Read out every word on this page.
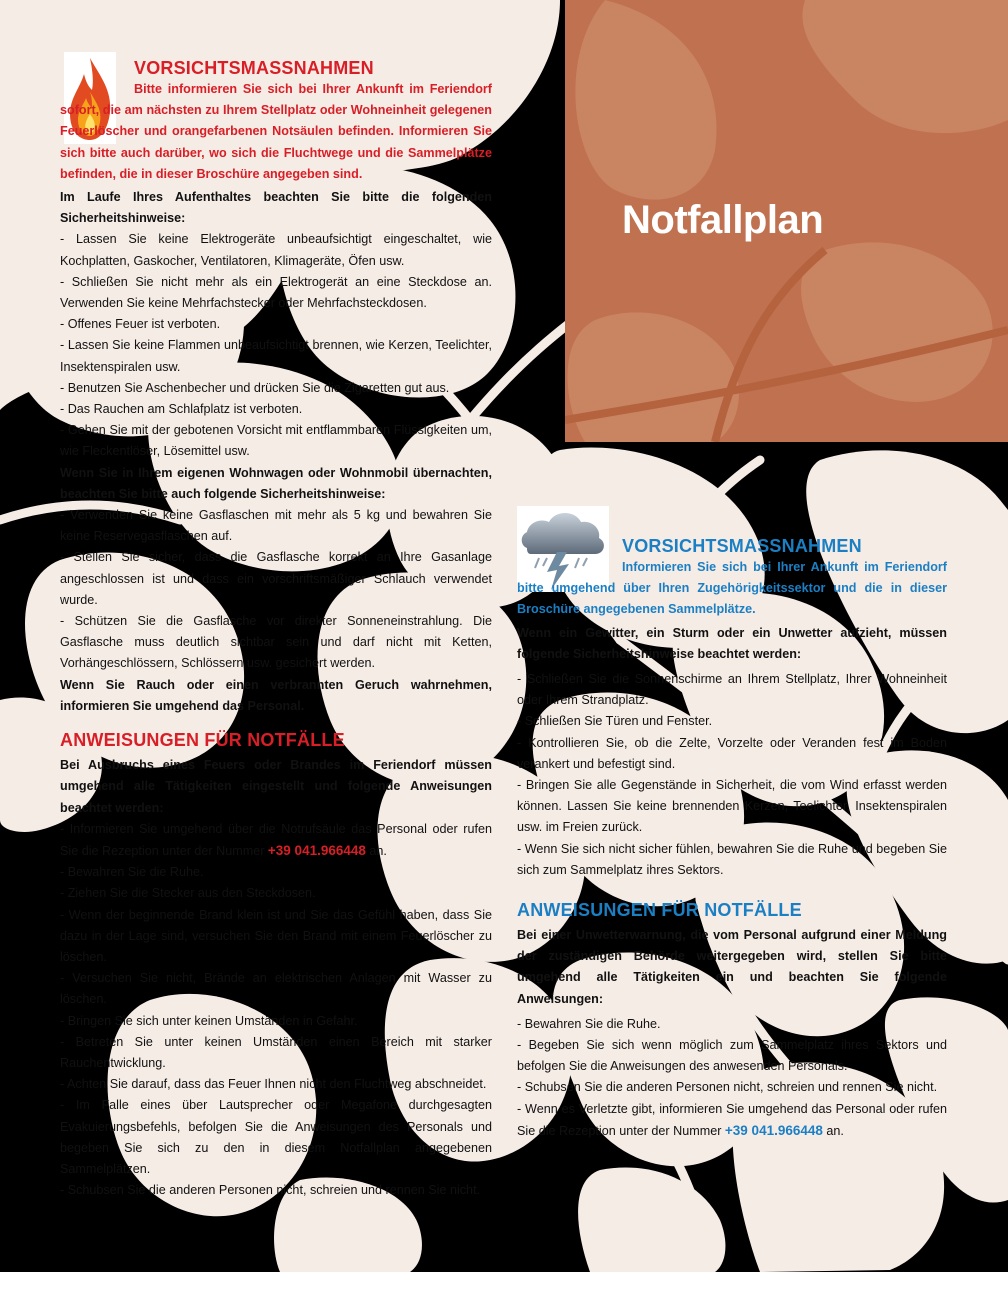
Notfallplan
VORSICHTSMASSNAHMEN

Bitte informieren Sie sich bei Ihrer Ankunft im Feriendorf sofort, die am nächsten zu Ihrem Stellplatz oder Wohneinheit gelegenen Feuerlöscher und orangefarbenen Notsäulen befinden. Informieren Sie sich bitte auch darüber, wo sich die Fluchtwege und die Sammelplätze befinden, die in dieser Broschüre angegeben sind.

Im Laufe Ihres Aufenthaltes beachten Sie bitte die folgenden Sicherheitshinweise:

- Lassen Sie keine Elektrogeräte unbeaufsichtigt eingeschaltet, wie Kochplatten, Gaskocher, Ventilatoren, Klimageräte, Öfen usw.

- Schließen Sie nicht mehr als ein Elektrogerät an eine Steckdose an. Verwenden Sie keine Mehrfachstecker oder Mehrfachsteckdosen.

- Offenes Feuer ist verboten.

- Lassen Sie keine Flammen unbeaufsichtigt brennen, wie Kerzen, Teelichter, Insektenspiralen usw.

- Benutzen Sie Aschenbecher und drücken Sie die Zigaretten gut aus.

- Das Rauchen am Schlafplatz ist verboten.

- Gehen Sie mit der gebotenen Vorsicht mit entflammbaren Flüssigkeiten um, wie Fleckentlöser, Lösemittel usw.

Wenn Sie in Ihrem eigenen Wohnwagen oder Wohnmobil übernachten, beachten Sie bitte auch folgende Sicherheitshinweise:

- Verwenden Sie keine Gasflaschen mit mehr als 5 kg und bewahren Sie keine Reservegasflaschen auf.

- Stellen Sie sicher, dass die Gasflasche korrekt an Ihre Gasanlage angeschlossen ist und dass ein vorschriftsmäßiger Schlauch verwendet wurde.

- Schützen Sie die Gasflasche vor direkter Sonneneinstrahlung. Die Gasflasche muss deutlich sichtbar sein und darf nicht mit Ketten, Vorhängeschlössern, Schlössern usw. gesichert werden.

Wenn Sie Rauch oder einen verbrannten Geruch wahrnehmen, informieren Sie umgehend das Personal.

ANWEISUNGEN FÜR NOTFÄLLE

Bei Ausbruchs eines Feuers oder Brandes im Feriendorf müssen umgehend alle Tätigkeiten eingestellt und folgende Anweisungen beachtet werden:

- Informieren Sie umgehend über die Notrufsäule das Personal oder rufen Sie die Rezeption unter der Nummer +39 041.966448 an.

- Bewahren Sie die Ruhe.

- Ziehen Sie die Stecker aus den Steckdosen.

- Wenn der beginnende Brand klein ist und Sie das Gefühl haben, dass Sie dazu in der Lage sind, versuchen Sie den Brand mit einem Feuerlöscher zu löschen.

- Versuchen Sie nicht, Brände an elektrischen Anlagen mit Wasser zu löschen.

- Bringen Sie sich unter keinen Umständen in Gefahr.

- Betreten Sie unter keinen Umständen einen Bereich mit starker Rauchentwicklung.

- Achten Sie darauf, dass das Feuer Ihnen nicht den Fluchtweg abschneidet.

- Im Falle eines über Lautsprecher oder Megafone durchgesagten Evakuierungsbefehls, befolgen Sie die Anweisungen des Personals und begeben Sie sich zu den in diesem Notfallplan angegebenen Sammelplätzen.

- Schubsen Sie die anderen Personen nicht, schreien und rennen Sie nicht.

VORSICHTSMASSNAHMEN

Informieren Sie sich bei Ihrer Ankunft im Feriendorf bitte umgehend über Ihren Zugehörigkeitssektor und die in dieser Broschüre angegebenen Sammelplätze.

Wenn ein Gewitter, ein Sturm oder ein Unwetter aufzieht, müssen folgende Sicherheitshinweise beachtet werden:

- Schließen Sie die Sonnenschirme an Ihrem Stellplatz, Ihrer Wohneinheit oder Ihrem Strandplatz.

- Schließen Sie Türen und Fenster.

- Kontrollieren Sie, ob die Zelte, Vorzelte oder Veranden fest im Boden verankert und befestigt sind.

- Bringen Sie alle Gegenstände in Sicherheit, die vom Wind erfasst werden können. Lassen Sie keine brennenden Kerzen, Teelichter, Insektenspiralen usw. im Freien zurück.

- Wenn Sie sich nicht sicher fühlen, bewahren Sie die Ruhe und begeben Sie sich zum Sammelplatz ihres Sektors.

ANWEISUNGEN FÜR NOTFÄLLE

Bei einer Unwetterwarnung, die vom Personal aufgrund einer Meldung der zuständigen Behörde weitergegeben wird, stellen Sie bitte umgehend alle Tätigkeiten ein und beachten Sie folgende Anweisungen:

- Bewahren Sie die Ruhe.

- Begeben Sie sich wenn möglich zum Sammelplatz ihres Sektors und befolgen Sie die Anweisungen des anwesenden Personals.

- Schubsen Sie die anderen Personen nicht, schreien und rennen Sie nicht.

- Wenn es Verletzte gibt, informieren Sie umgehend das Personal oder rufen Sie die Rezeption unter der Nummer +39 041.966448 an.
